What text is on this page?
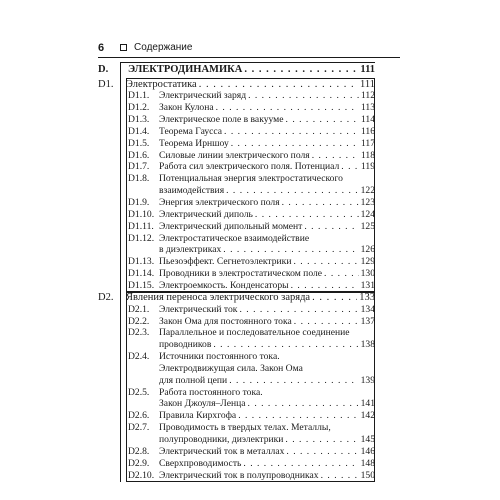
6	Содержание
D. ЭЛЕКТРОДИНАМИКА . . .	111
D1. Электростатика . . .	111
D1.1. Электрический заряд . . .	112
D1.2. Закон Кулона . . .	113
D1.3. Электрическое поле в вакууме . . .	114
D1.4. Теорема Гаусса . . .	116
D1.5. Теорема Ирншоу . . .	117
D1.6. Силовые линии электрического поля . . .	118
D1.7. Работа сил электрического поля. Потенциал . . . 119
D1.8. Потенциальная энергия электростатического
взаимодействия . . .	122
D1.9. Энергия электрического поля . . .	123
D1.10. Электрический диполь . . .	124
D1.11. Электрический дипольный момент . . .	125
D1.12. Электростатическое взаимодействие
в диэлектриках . . .	126
D1.13. Пьезоэффект. Сегнетоэлектрики . . .	129
D1.14. Проводники в электростатическом поле . . .	130
D1.15. Электроемкость. Конденсаторы . . .	131
D2. Явления переноса электрического заряда . . .	133
D2.1. Электрический ток . . .	134
D2.2. Закон Ома для постоянного тока . . .	137
D2.3. Параллельное и последовательное соединение
проводников . . .	138
D2.4. Источники постоянного тока.
Электродвижущая сила. Закон Ома
для полной цепи . . .	139
D2.5. Работа постоянного тока.
Закон Джоуля–Ленца . . .	141
D2.6. Правила Кирхгофа . . .	142
D2.7. Проводимость в твердых телах. Металлы,
полупроводники, диэлектрики . . .	145
D2.8. Электрический ток в металлах . . .	146
D2.9. Сверхпроводимость . . .	148
D2.10. Электрический ток в полупроводниках . . .	150
